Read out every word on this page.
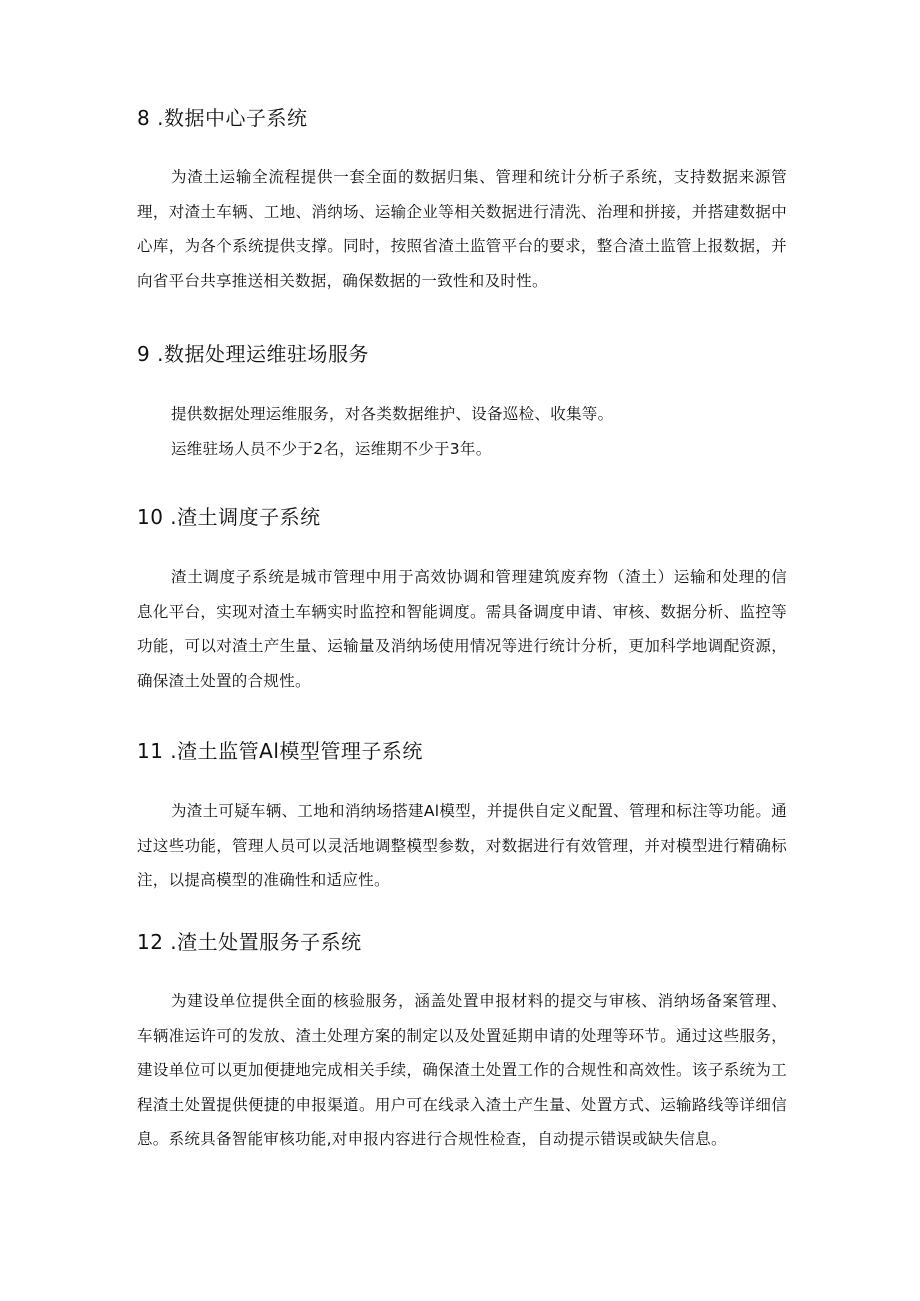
8 .数据中心子系统
为渣土运输全流程提供一套全面的数据归集、管理和统计分析子系统，支持数据来源管理，对渣土车辆、工地、消纳场、运输企业等相关数据进行清洗、治理和拼接，并搭建数据中心库，为各个系统提供支撑。同时，按照省渣土监管平台的要求，整合渣土监管上报数据，并向省平台共享推送相关数据，确保数据的一致性和及时性。
9 .数据处理运维驻场服务
提供数据处理运维服务，对各类数据维护、设备巡检、收集等。
运维驻场人员不少于2名，运维期不少于3年。
10 .渣土调度子系统
渣土调度子系统是城市管理中用于高效协调和管理建筑废弃物（渣土）运输和处理的信息化平台，实现对渣土车辆实时监控和智能调度。需具备调度申请、审核、数据分析、监控等功能，可以对渣土产生量、运输量及消纳场使用情况等进行统计分析，更加科学地调配资源，确保渣土处置的合规性。
11 .渣土监管Al模型管理子系统
为渣土可疑车辆、工地和消纳场搭建Al模型，并提供自定义配置、管理和标注等功能。通过这些功能，管理人员可以灵活地调整模型参数，对数据进行有效管理，并对模型进行精确标注，以提高模型的准确性和适应性。
12 .渣土处置服务子系统
为建设单位提供全面的核验服务，涵盖处置申报材料的提交与审核、消纳场备案管理、车辆准运许可的发放、渣土处理方案的制定以及处置延期申请的处理等环节。通过这些服务，建设单位可以更加便捷地完成相关手续，确保渣土处置工作的合规性和高效性。该子系统为工程渣土处置提供便捷的申报渠道。用户可在线录入渣土产生量、处置方式、运输路线等详细信息。系统具备智能审核功能,对申报内容进行合规性检查，自动提示错误或缺失信息。
